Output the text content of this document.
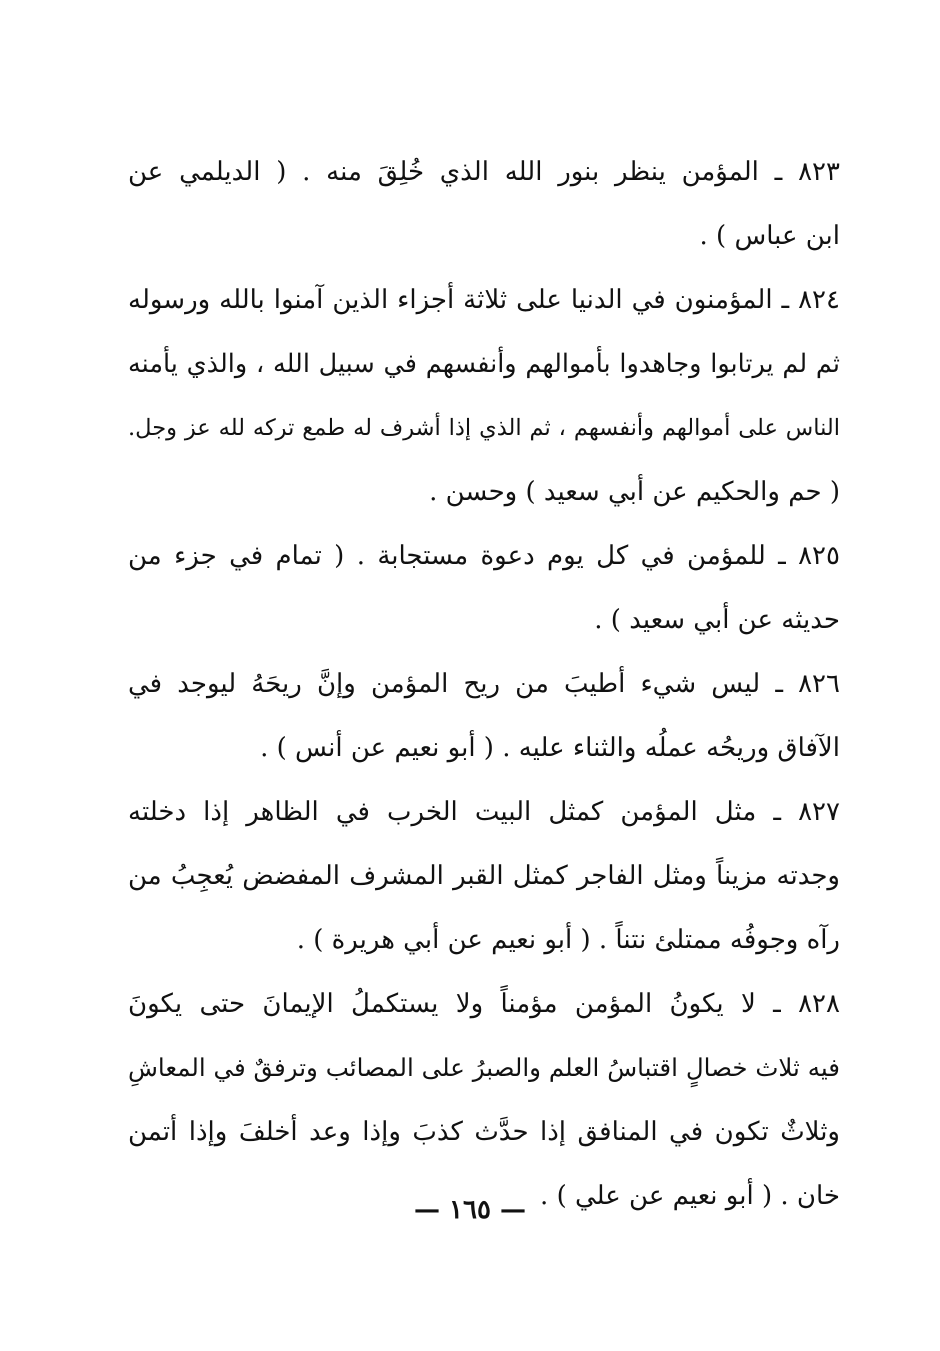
٨٢٣ ـ المؤمن ينظر بنور الله الذي خُلِقَ منه . ( الديلمي عن
ابن عباس ) .
٨٢٤ ـ المؤمنون في الدنيا على ثلاثة أجزاء الذين آمنوا بالله ورسوله
ثم لم يرتابوا وجاهدوا بأموالهم وأنفسهم في سبيل الله ، والذي يأمنه
الناس على أموالهم وأنفسهم ، ثم الذي إذا أشرف له طمع تركه لله عز وجل.
( حم والحكيم عن أبي سعيد ) وحسن .
٨٢٥ ـ للمؤمن في كل يوم دعوة مستجابة . ( تمام في جزء من
حديثه عن أبي سعيد ) .
٨٢٦ ـ ليس شيء أطيبَ من ريح المؤمن وإنَّ ريحَهُ ليوجد في
الآفاق وريحُه عملُه والثناء عليه . ( أبو نعيم عن أنس ) .
٨٢٧ ـ مثل المؤمن كمثل البيت الخرب في الظاهر إذا دخلته
وجدته مزيناً ومثل الفاجر كمثل القبر المشرف المفضض يُعجِبُ من
رآه وجوفُه ممتلئ نتناً . ( أبو نعيم عن أبي هريرة ) .
٨٢٨ ـ لا يكونُ المؤمن مؤمناً ولا يستكملُ الإيمانَ حتى يكونَ
فيه ثلاث خصالٍ اقتباسُ العلم والصبرُ على المصائب وترفقٌ في المعاشِ
وثلاثٌ تكون في المنافق إذا حدَّث كذبَ وإذا وعد أخلفَ وإذا أتمن
خان . ( أبو نعيم عن علي ) .
— ١٦٥ —
